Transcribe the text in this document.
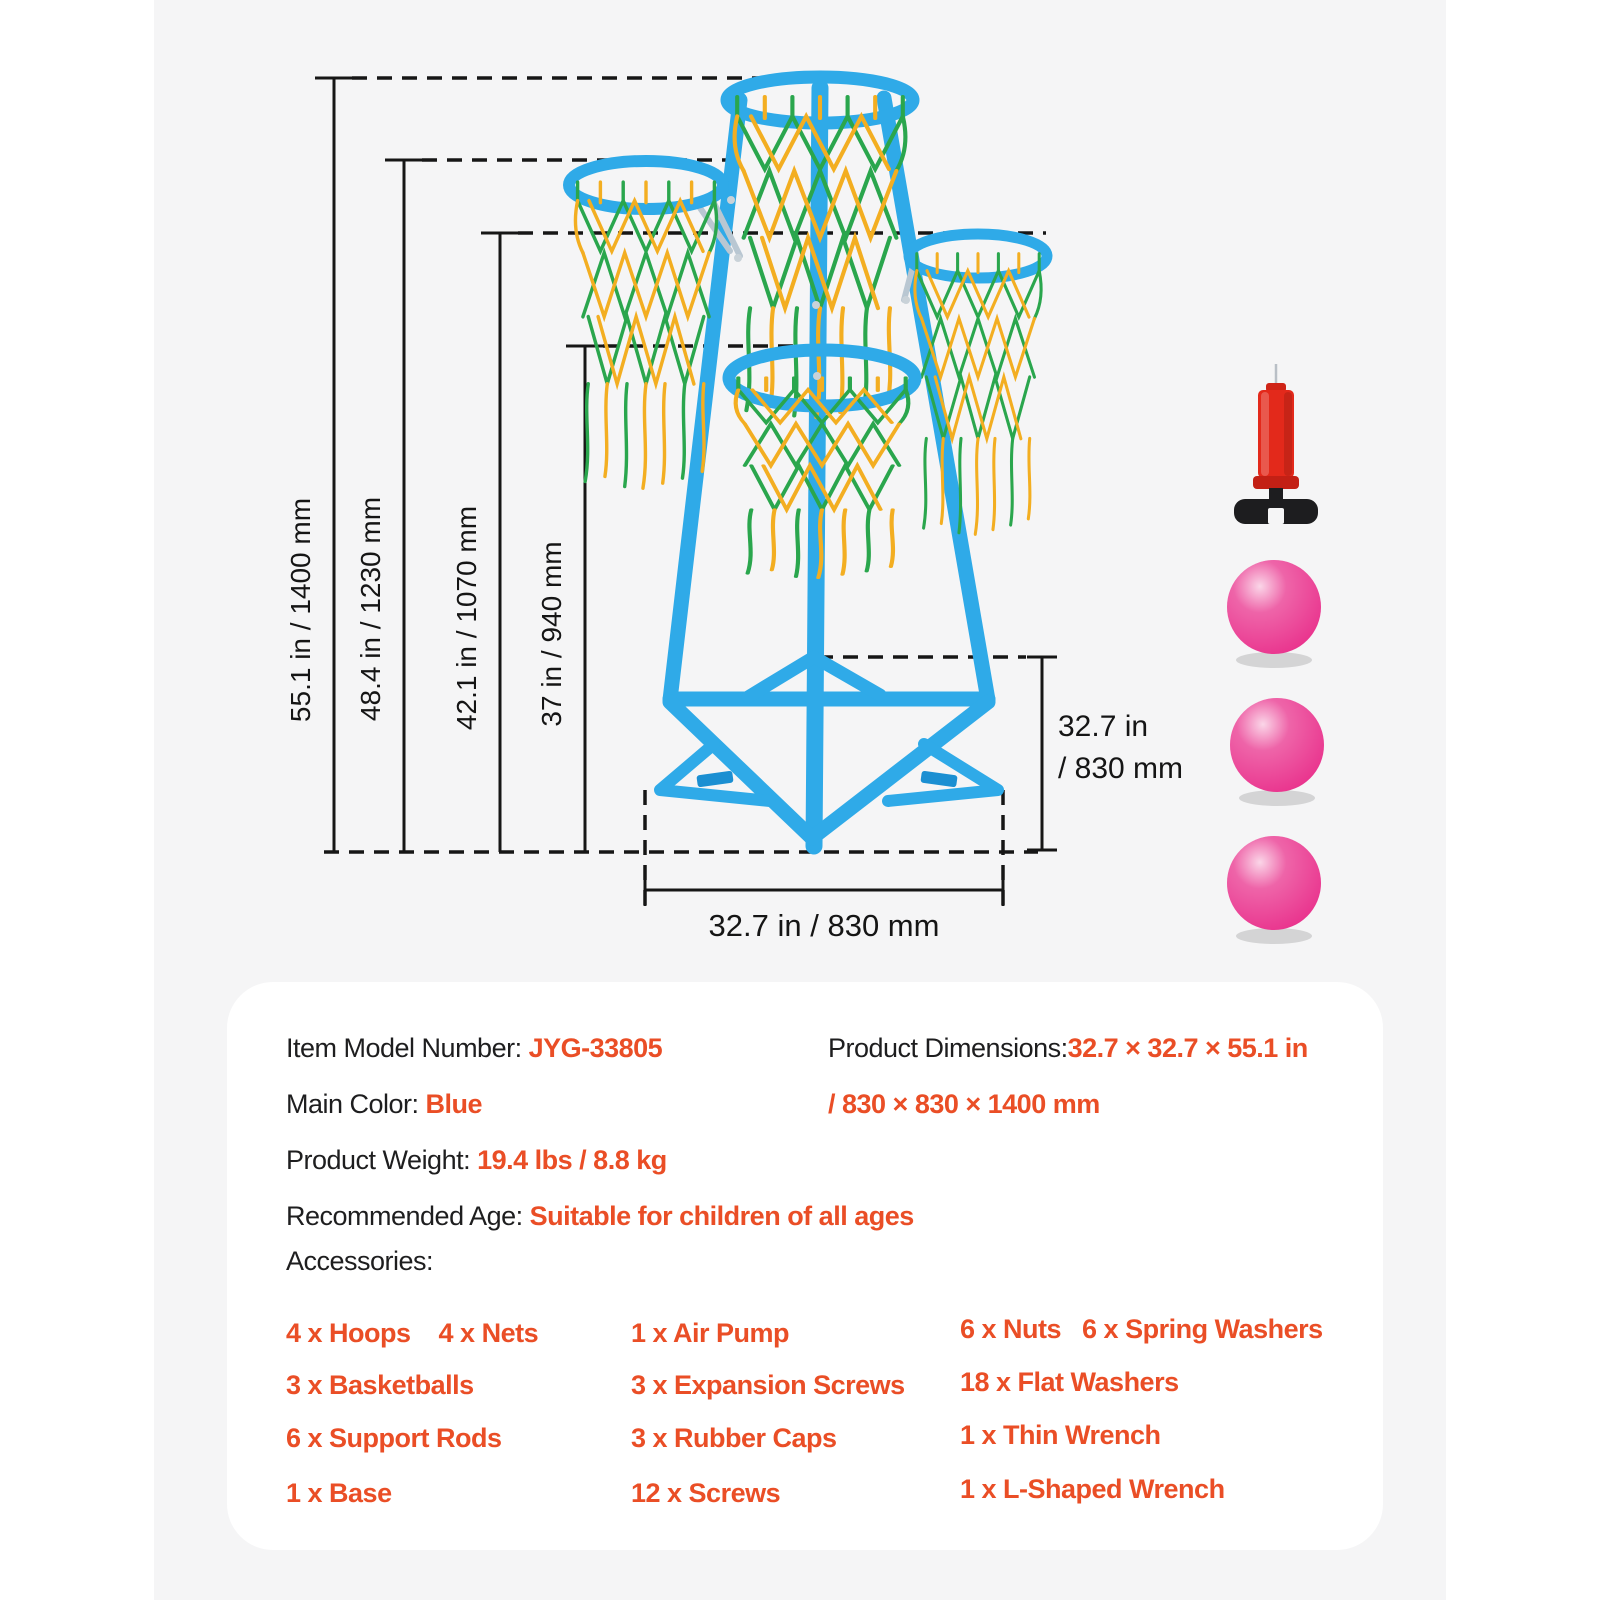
55.1 in / 1400 mm 48.4 in / 1230 mm 42.1 in / 1070 mm 37 in / 940 mm	32.7 in
/ 830 mm
32.7 in / 830 mm
Item Model Number: JYG-33805	Product Dimensions:32.7 × 32.7 × 55.1 in
/ 830 × 830 × 1400 mm
Main Color: Blue
Product Weight: 19.4 lbs / 8.8 kg
Recommended Age: Suitable for children of all ages
Accessories:
4 x Hoops    4 x Nets
3 x Basketballs
6 x Support Rods
1 x Base
1 x Air Pump
3 x Expansion Screws
3 x Rubber Caps
12 x Screws
6 x Nuts   6 x Spring Washers
18 x Flat Washers
1 x Thin Wrench
1 x L-Shaped Wrench
